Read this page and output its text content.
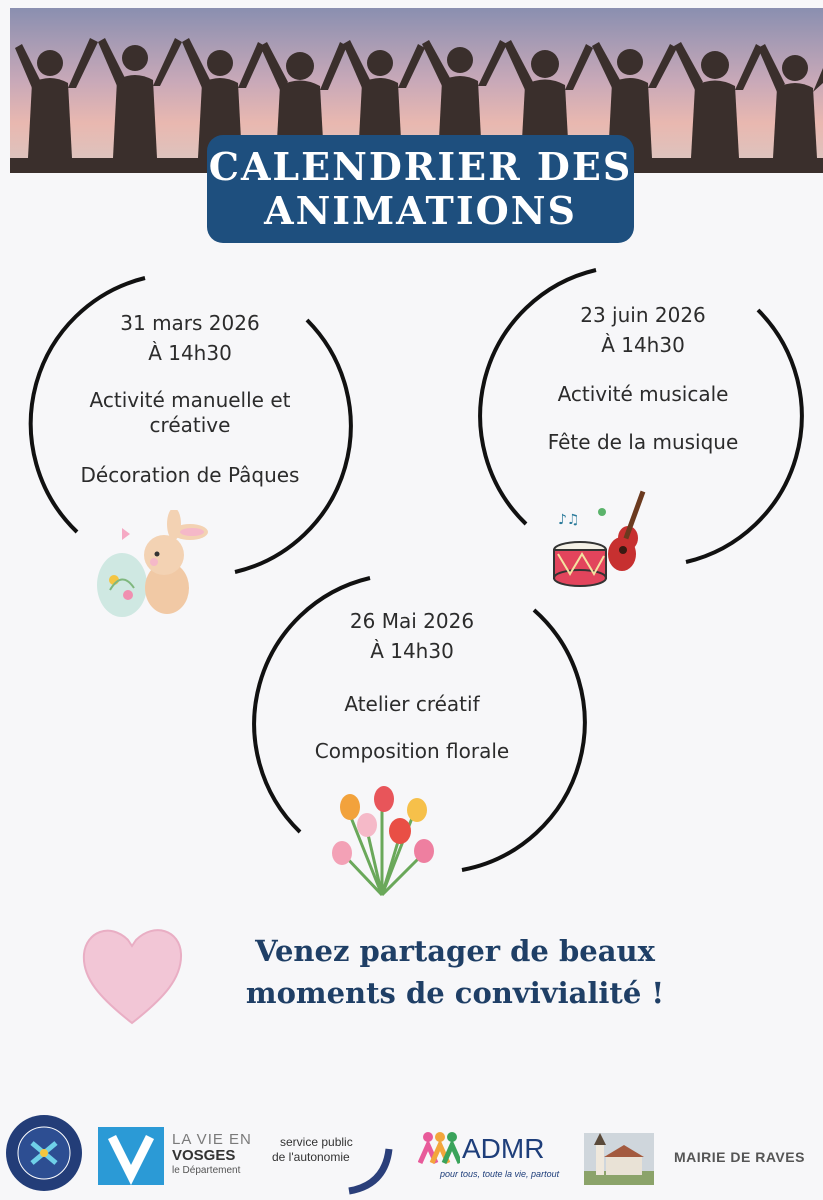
CALENDRIER DES
ANIMATIONS
31 mars 2026
À 14h30
Activité manuelle et
créative
Décoration de Pâques
23 juin 2026
À 14h30
Activité musicale
Fête de la musique
♪♫
26 Mai 2026
À 14h30
Atelier créatif
Composition florale
Venez partager de beaux
moments de convivialité !
LA VIE EN
VOSGES
le Département
service public
de l'autonomie	ADMR
pour tous, toute la vie, partout
MAIRIE DE RAVES
